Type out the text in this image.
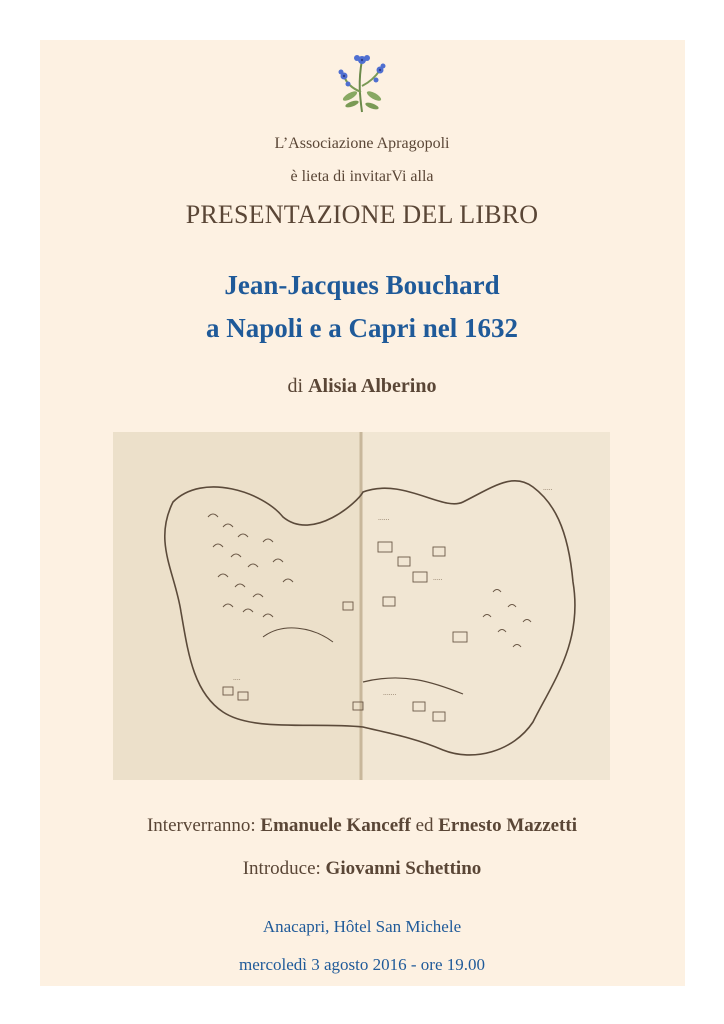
L’Associazione Apragopoli
è lieta di invitarVi alla
PRESENTAZIONE DEL LIBRO
Jean-Jacques Bouchard
a Napoli e a Capri nel 1632
di Alisia Alberino
·····
······
·····
····
·······
Interverranno: Emanuele Kanceff ed Ernesto Mazzetti
Introduce: Giovanni Schettino
Anacapri, Hôtel San Michele
mercoledì 3 agosto 2016 - ore 19.00
